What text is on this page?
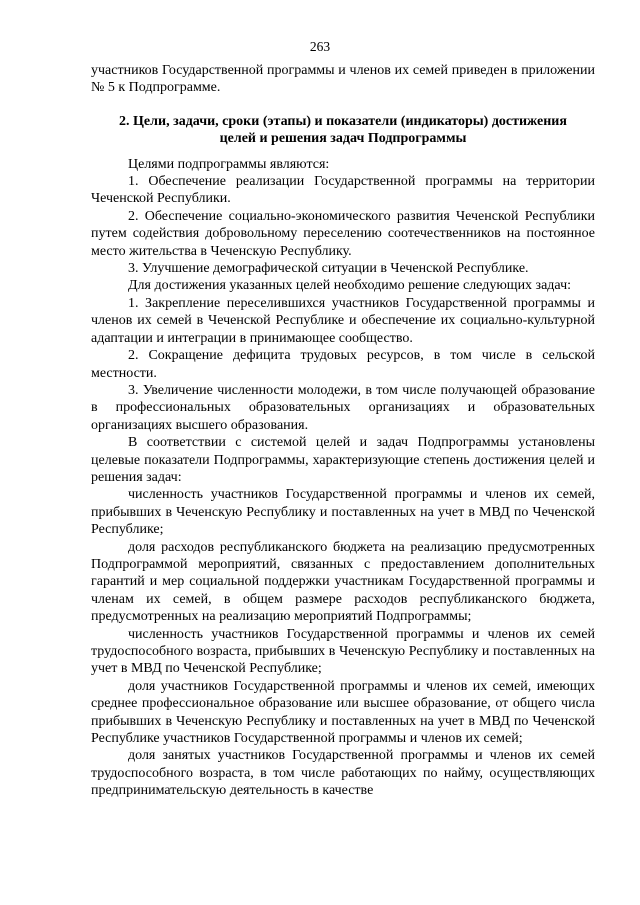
263

участников Государственной программы и членов их семей приведен в приложении № 5 к Подпрограмме.

2. Цели, задачи, сроки (этапы) и показатели (индикаторы) достижения целей и решения задач Подпрограммы

Целями подпрограммы являются:

1. Обеспечение реализации Государственной программы на территории Чеченской Республики.

2. Обеспечение социально-экономического развития Чеченской Республики путем содействия добровольному переселению соотечественников на постоянное место жительства в Чеченскую Республику.

3. Улучшение демографической ситуации в Чеченской Республике.

Для достижения указанных целей необходимо решение следующих задач:

1. Закрепление переселившихся участников Государственной программы и членов их семей в Чеченской Республике и обеспечение их социально-культурной адаптации и интеграции в принимающее сообщество.

2. Сокращение дефицита трудовых ресурсов, в том числе в сельской местности.

3. Увеличение численности молодежи, в том числе получающей образование в профессиональных образовательных организациях и образовательных организациях высшего образования.

В соответствии с системой целей и задач Подпрограммы установлены целевые показатели Подпрограммы, характеризующие степень достижения целей и решения задач:

численность участников Государственной программы и членов их семей, прибывших в Чеченскую Республику и поставленных на учет в МВД по Чеченской Республике;

доля расходов республиканского бюджета на реализацию предусмотренных Подпрограммой мероприятий, связанных с предоставлением дополнительных гарантий и мер социальной поддержки участникам Государственной программы и членам их семей, в общем размере расходов республиканского бюджета, предусмотренных на реализацию мероприятий Подпрограммы;

численность участников Государственной программы и членов их семей трудоспособного возраста, прибывших в Чеченскую Республику и поставленных на учет в МВД по Чеченской Республике;

доля участников Государственной программы и членов их семей, имеющих среднее профессиональное образование или высшее образование, от общего числа прибывших в Чеченскую Республику и поставленных на учет в МВД по Чеченской Республике участников Государственной программы и членов их семей;

доля занятых участников Государственной программы и членов их семей трудоспособного возраста, в том числе работающих по найму, осуществляющих предпринимательскую деятельность в качестве
